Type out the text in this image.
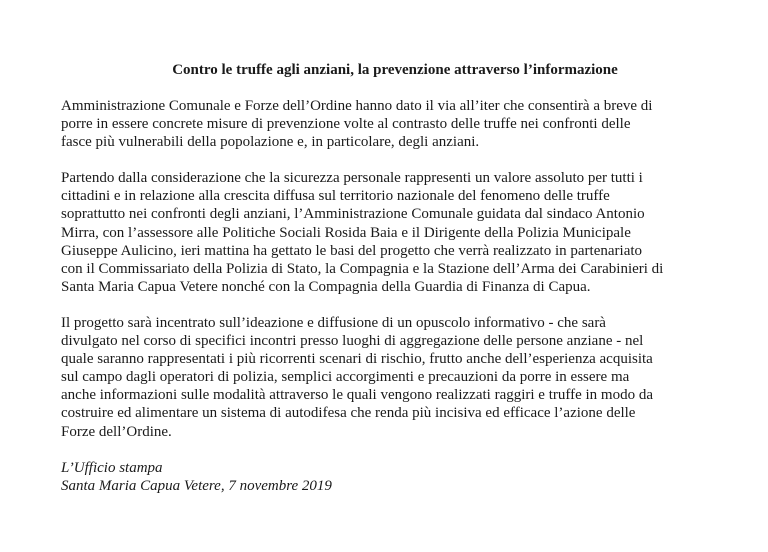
Contro le truffe agli anziani, la prevenzione attraverso l’informazione

Amministrazione Comunale e Forze dell’Ordine hanno dato il via all’iter che consentirà a breve di
porre in essere concrete misure di prevenzione volte al contrasto delle truffe nei confronti delle
fasce più vulnerabili della popolazione e, in particolare, degli anziani.

Partendo dalla considerazione che la sicurezza personale rappresenti un valore assoluto per tutti i
cittadini e in relazione alla crescita diffusa sul territorio nazionale del fenomeno delle truffe
soprattutto nei confronti degli anziani, l’Amministrazione Comunale guidata dal sindaco Antonio
Mirra, con l’assessore alle Politiche Sociali Rosida Baia e il Dirigente della Polizia Municipale
Giuseppe Aulicino, ieri mattina ha gettato le basi del progetto che verrà realizzato in partenariato
con il Commissariato della Polizia di Stato, la Compagnia e la Stazione dell’Arma dei Carabinieri di
Santa Maria Capua Vetere nonché con la Compagnia della Guardia di Finanza di Capua.

Il progetto sarà incentrato sull’ideazione e diffusione di un opuscolo informativo - che sarà
divulgato nel corso di specifici incontri presso luoghi di aggregazione delle persone anziane - nel
quale saranno rappresentati i più ricorrenti scenari di rischio, frutto anche dell’esperienza acquisita
sul campo dagli operatori di polizia, semplici accorgimenti e precauzioni da porre in essere ma
anche informazioni sulle modalità attraverso le quali vengono realizzati raggiri e truffe in modo da
costruire ed alimentare un sistema di autodifesa che renda più incisiva ed efficace l’azione delle
Forze dell’Ordine.

L’Ufficio stampa

Santa Maria Capua Vetere, 7 novembre 2019
